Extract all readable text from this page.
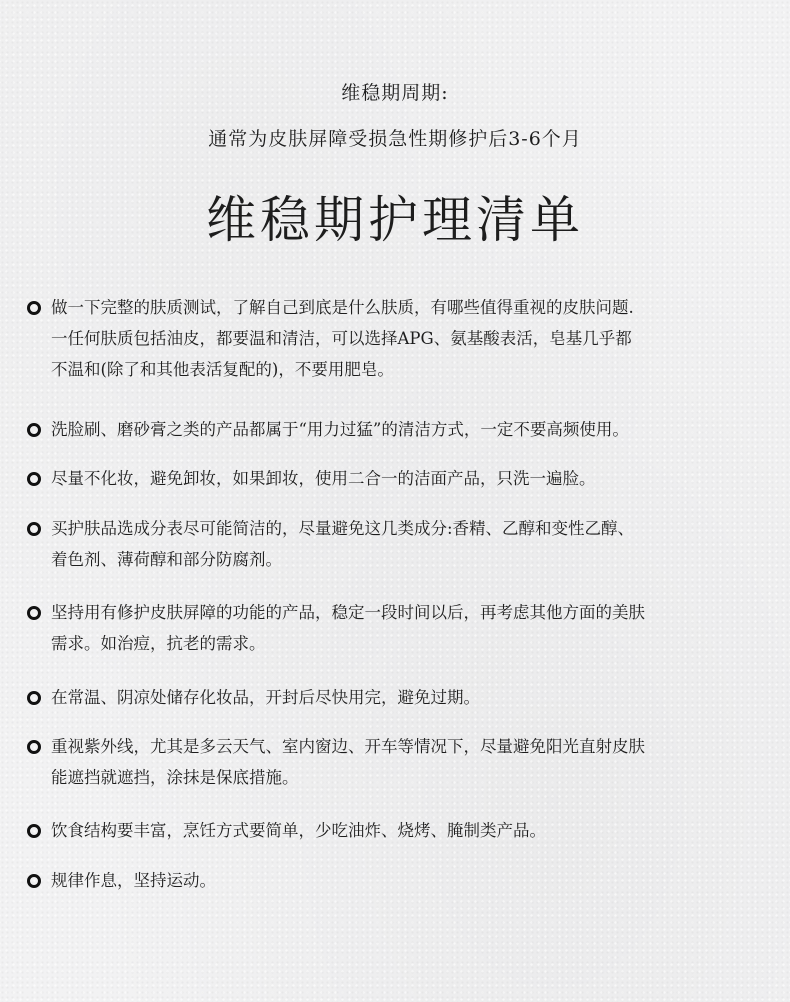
维稳期周期:
通常为皮肤屏障受损急性期修护后3-6个月
维稳期护理清单
做一下完整的肤质测试，了解自己到底是什么肤质，有哪些值得重视的皮肤问题.
一任何肤质包括油皮，都要温和清洁，可以选择APG、氨基酸表活，皂基几乎都
不温和(除了和其他表活复配的)，不要用肥皂。
洗脸刷、磨砂膏之类的产品都属于“用力过猛”的清洁方式，一定不要高频使用。
尽量不化妆，避免卸妆，如果卸妆，使用二合一的洁面产品，只洗一遍脸。
买护肤品选成分表尽可能简洁的，尽量避免这几类成分:香精、乙醇和变性乙醇、
着色剂、薄荷醇和部分防腐剂。
坚持用有修护皮肤屏障的功能的产品，稳定一段时间以后，再考虑其他方面的美肤
需求。如治痘，抗老的需求。
在常温、阴凉处储存化妆品，开封后尽快用完，避免过期。
重视紫外线，尤其是多云天气、室内窗边、开车等情况下，尽量避免阳光直射皮肤
能遮挡就遮挡，涂抹是保底措施。
饮食结构要丰富，烹饪方式要简单，少吃油炸、烧烤、腌制类产品。
规律作息，坚持运动。
